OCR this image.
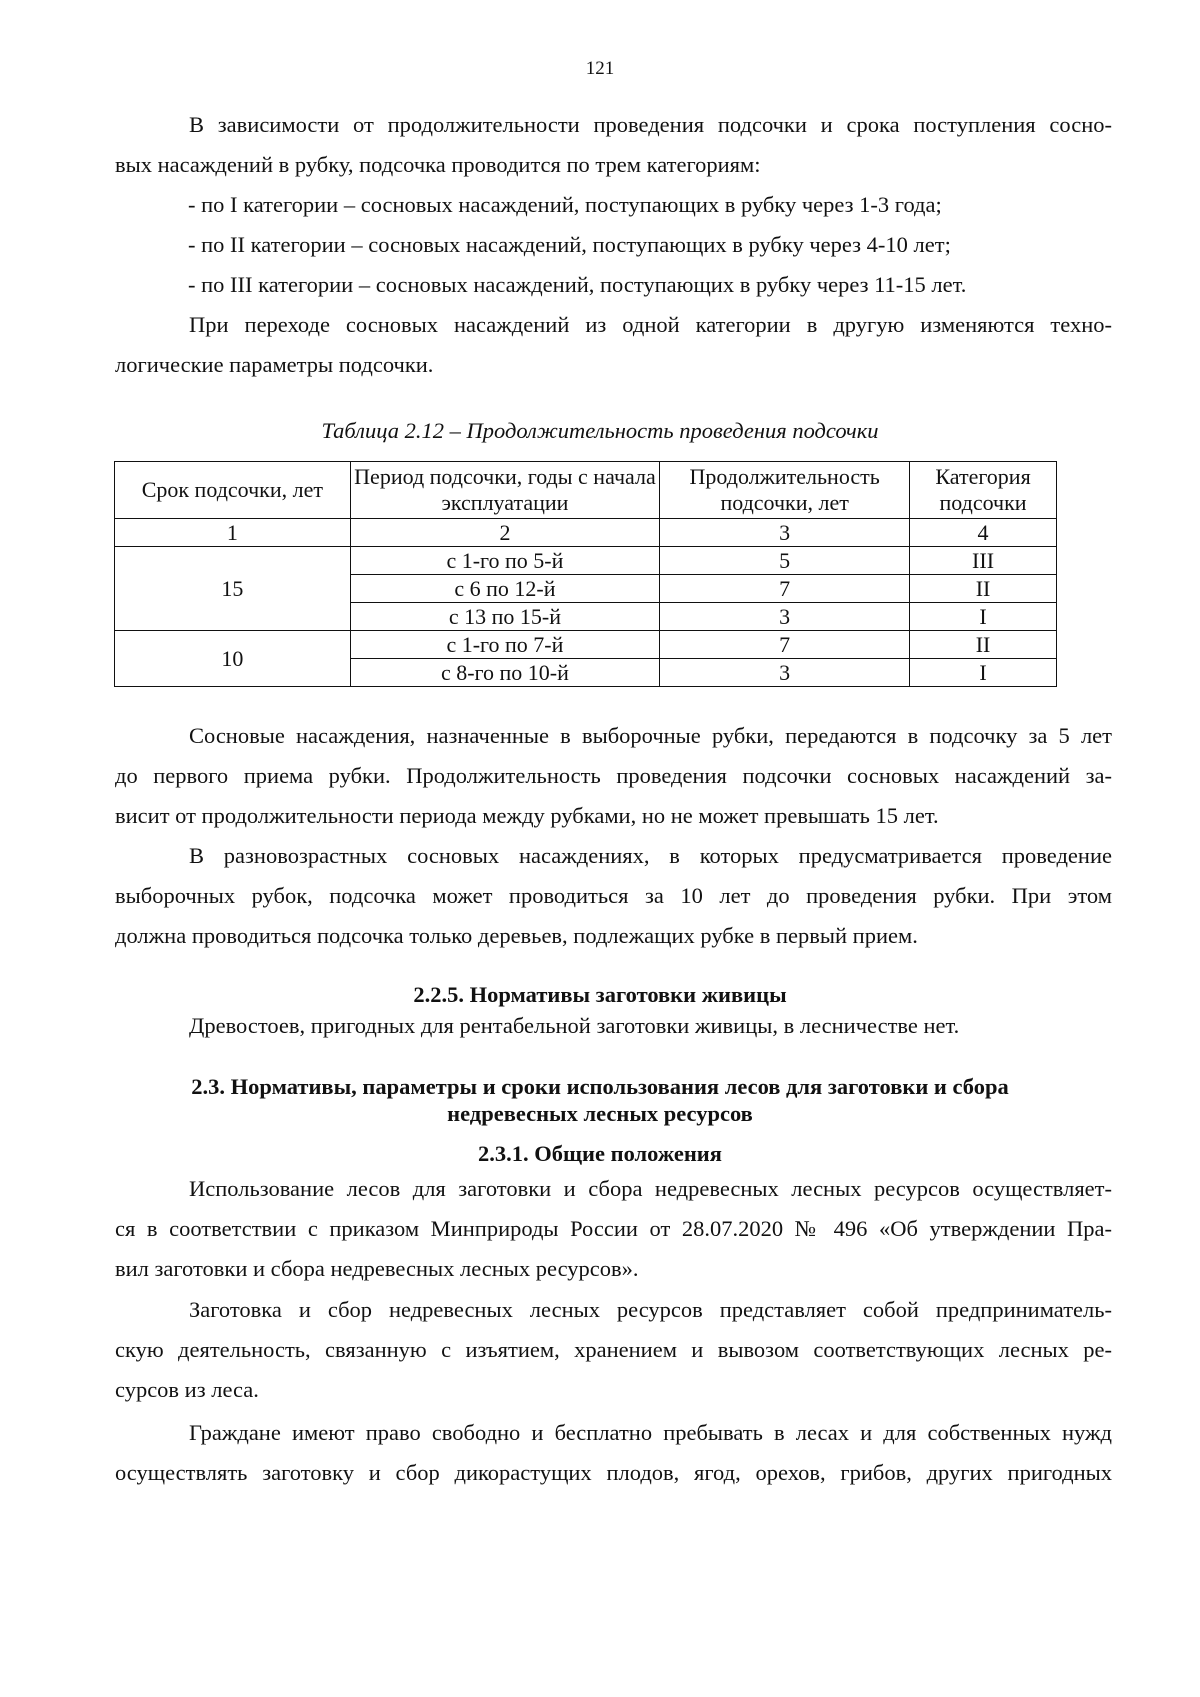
121

В зависимости от продолжительности проведения подсочки и срока поступления сосно-
вых насаждений в рубку, подсочка проводится по трем категориям:

- по I категории – сосновых насаждений, поступающих в рубку через 1-3 года;
- по II категории – сосновых насаждений, поступающих в рубку через 4-10 лет;
- по III категории – сосновых насаждений, поступающих в рубку через 11-15 лет.

При переходе сосновых насаждений из одной категории в другую изменяются техно-
логические параметры подсочки.

Таблица 2.12 – Продолжительность проведения подсочки
Срок подсочки, лет	Период подсочки, годы с начала эксплуатации	Продолжительность подсочки, лет	Категория подсочки
1	2	3	4
15	с 1-го по 5-й	5	III
	с 6 по 12-й	7	II
	с 13 по 15-й	3	I
10	с 1-го по 7-й	7	II
	с 8-го по 10-й	3	I

Сосновые насаждения, назначенные в выборочные рубки, передаются в подсочку за 5 лет
до первого приема рубки. Продолжительность проведения подсочки сосновых насаждений за-
висит от продолжительности периода между рубками, но не может превышать 15 лет.

В разновозрастных сосновых насаждениях, в которых предусматривается проведение
выборочных рубок, подсочка может проводиться за 10 лет до проведения рубки. При этом
должна проводиться подсочка только деревьев, подлежащих рубке в первый прием.

2.2.5. Нормативы заготовки живицы

Древостоев, пригодных для рентабельной заготовки живицы, в лесничестве нет.

2.3. Нормативы, параметры и сроки использования лесов для заготовки и сбора
недревесных лесных ресурсов
2.3.1. Общие положения

Использование лесов для заготовки и сбора недревесных лесных ресурсов осуществляет-
ся в соответствии с приказом Минприроды России от 28.07.2020 № 496 «Об утверждении Пра-
вил заготовки и сбора недревесных лесных ресурсов».

Заготовка и сбор недревесных лесных ресурсов представляет собой предприниматель-
скую деятельность, связанную с изъятием, хранением и вывозом соответствующих лесных ре-
сурсов из леса.

Граждане имеют право свободно и бесплатно пребывать в лесах и для собственных нужд
осуществлять заготовку и сбор дикорастущих плодов, ягод, орехов, грибов, других пригодных
